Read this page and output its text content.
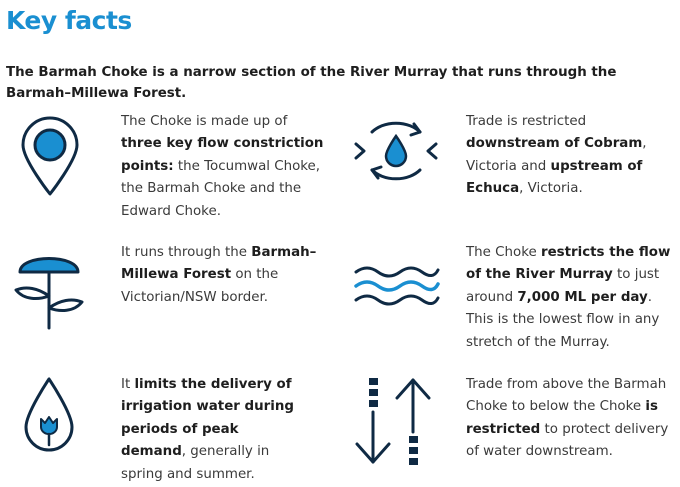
Key facts
The Barmah Choke is a narrow section of the River Murray that runs through the Barmah–Millewa Forest.
The Choke is made up of three key flow constriction points: the Tocumwal Choke, the Barmah Choke and the Edward Choke.
Trade is restricted downstream of Cobram, Victoria and upstream of Echuca, Victoria.
It runs through the Barmah–Millewa Forest on the Victorian/NSW border.
The Choke restricts the flow of the River Murray to just around 7,000 ML per day. This is the lowest flow in any stretch of the Murray.
It limits the delivery of irrigation water during periods of peak demand, generally in spring and summer.
Trade from above the Barmah Choke to below the Choke is restricted to protect delivery of water downstream.
